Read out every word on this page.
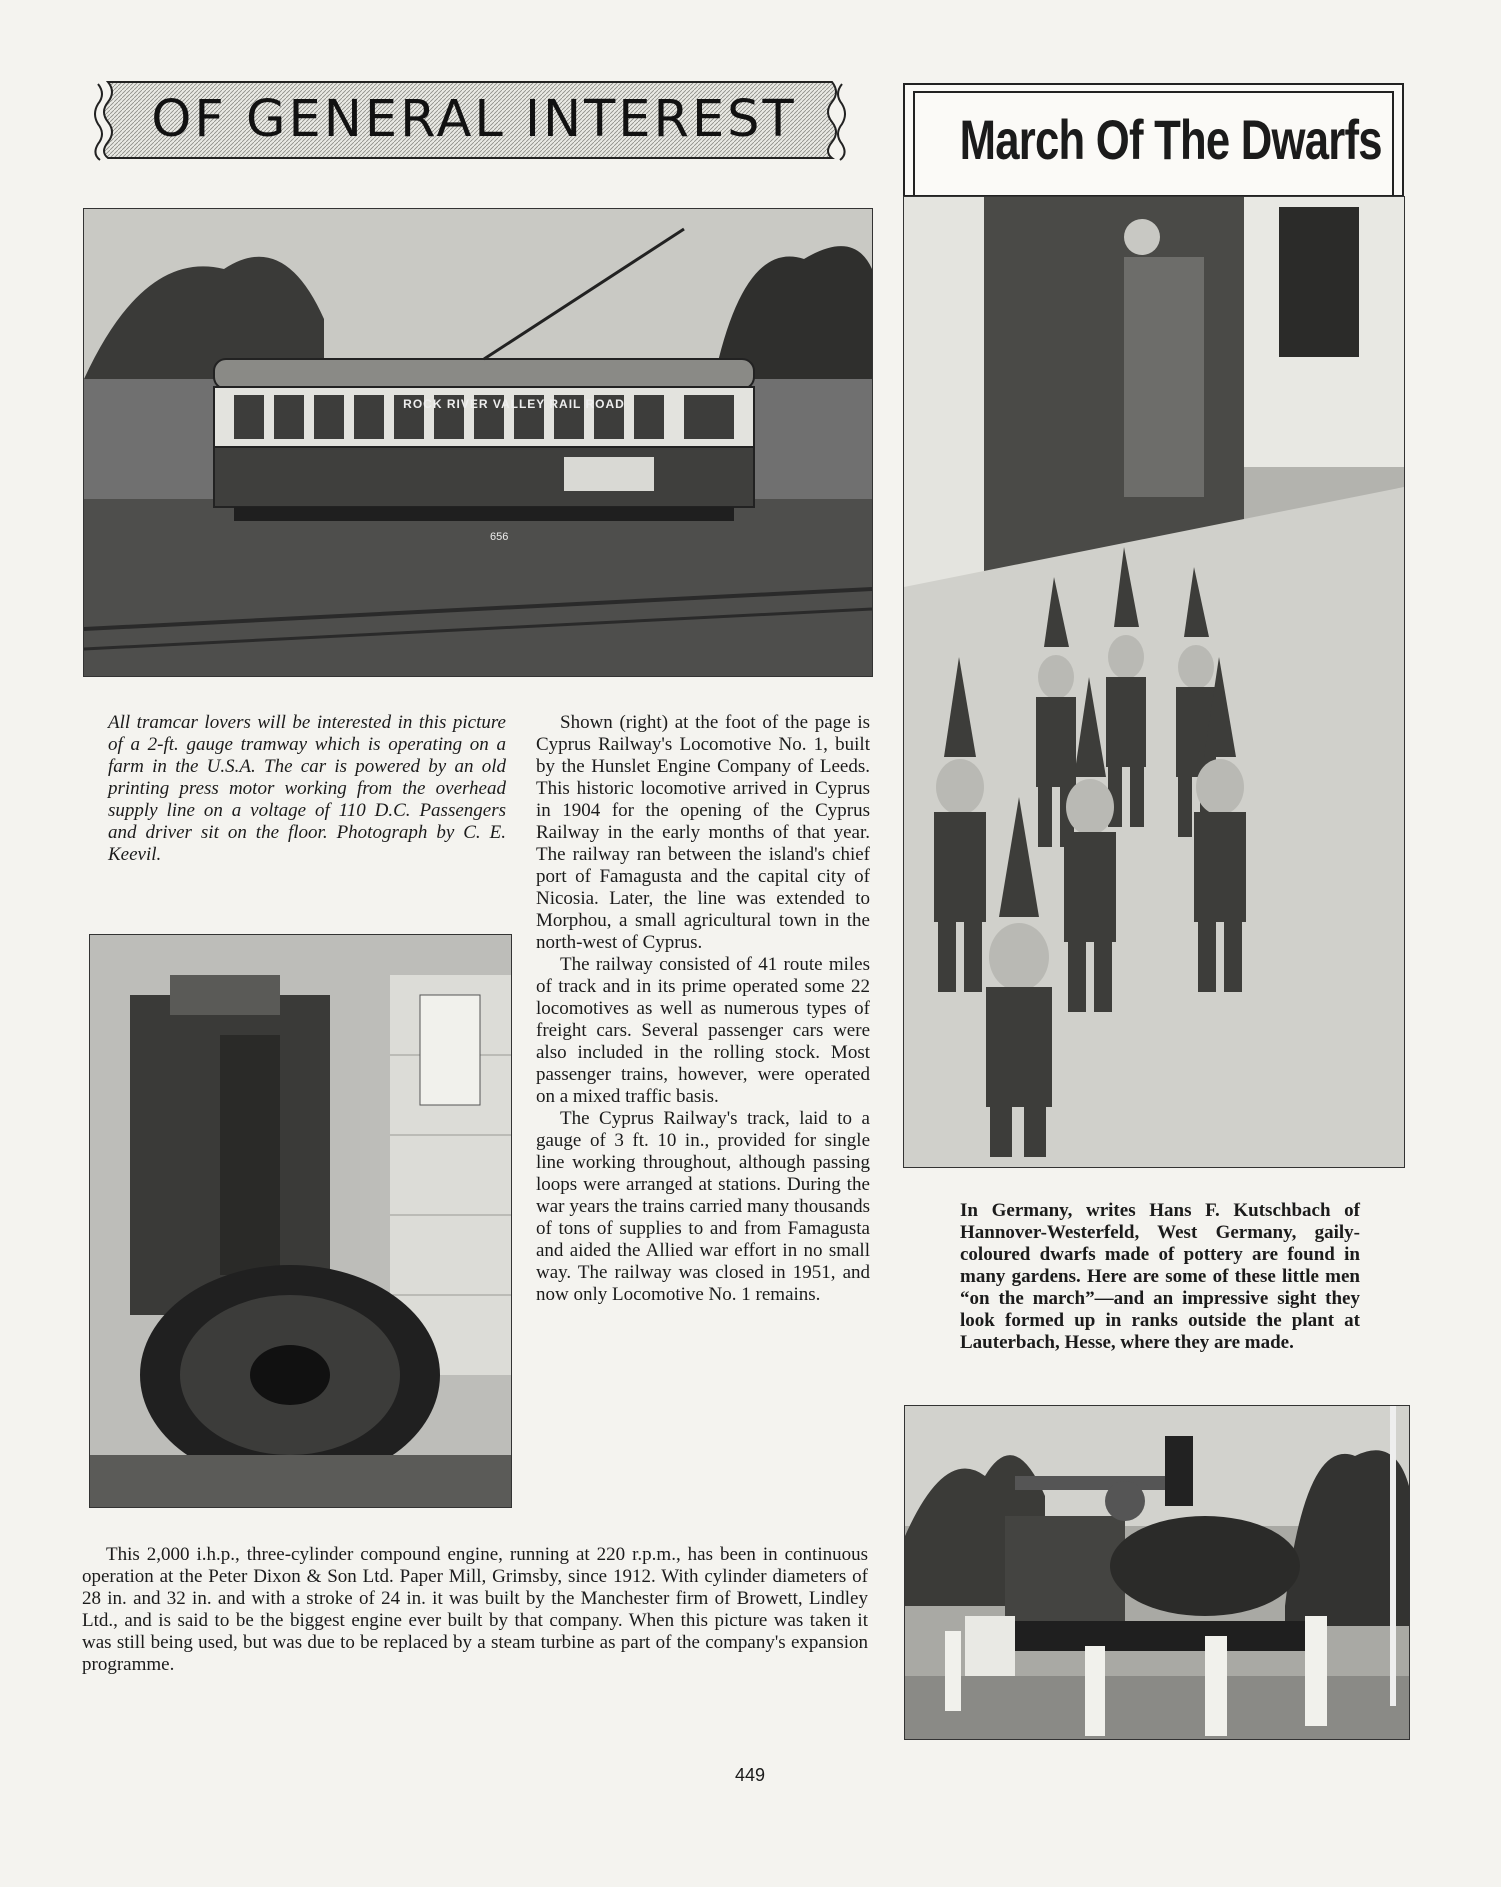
OF GENERAL INTEREST	March Of The Dwarfs
ROCK RIVER VALLEY RAIL ROAD
656
All tramcar lovers will be interested in this picture of a 2-ft. gauge tramway which is operating on a farm in the U.S.A. The car is powered by an old printing press motor working from the overhead supply line on a voltage of 110 D.C. Passengers and driver sit on the floor. Photograph by C. E. Keevil.

Shown (right) at the foot of the page is Cyprus Railway's Locomotive No. 1, built by the Hunslet Engine Company of Leeds. This historic locomotive arrived in Cyprus in 1904 for the opening of the Cyprus Railway in the early months of that year. The railway ran between the island's chief port of Famagusta and the capital city of Nicosia. Later, the line was extended to Morphou, a small agricultural town in the north-west of Cyprus.

The railway consisted of 41 route miles of track and in its prime operated some 22 locomotives as well as numerous types of freight cars. Several passenger cars were also included in the rolling stock. Most passenger trains, however, were operated on a mixed traffic basis.

The Cyprus Railway's track, laid to a gauge of 3 ft. 10 in., provided for single line working throughout, although passing loops were arranged at stations. During the war years the trains carried many thousands of tons of supplies to and from Famagusta and aided the Allied war effort in no small way. The railway was closed in 1951, and now only Locomotive No. 1 remains.

In Germany, writes Hans F. Kutschbach of Hannover-Westerfeld, West Germany, gaily-coloured dwarfs made of pottery are found in many gardens. Here are some of these little men “on the march”—and an impressive sight they look formed up in ranks outside the plant at Lauterbach, Hesse, where they are made.

This 2,000 i.h.p., three-cylinder compound engine, running at 220 r.p.m., has been in continuous operation at the Peter Dixon & Son Ltd. Paper Mill, Grimsby, since 1912. With cylinder diameters of 28 in. and 32 in. and with a stroke of 24 in. it was built by the Manchester firm of Browett, Lindley Ltd., and is said to be the biggest engine ever built by that company. When this picture was taken it was still being used, but was due to be replaced by a steam turbine as part of the company's expansion programme.

449
